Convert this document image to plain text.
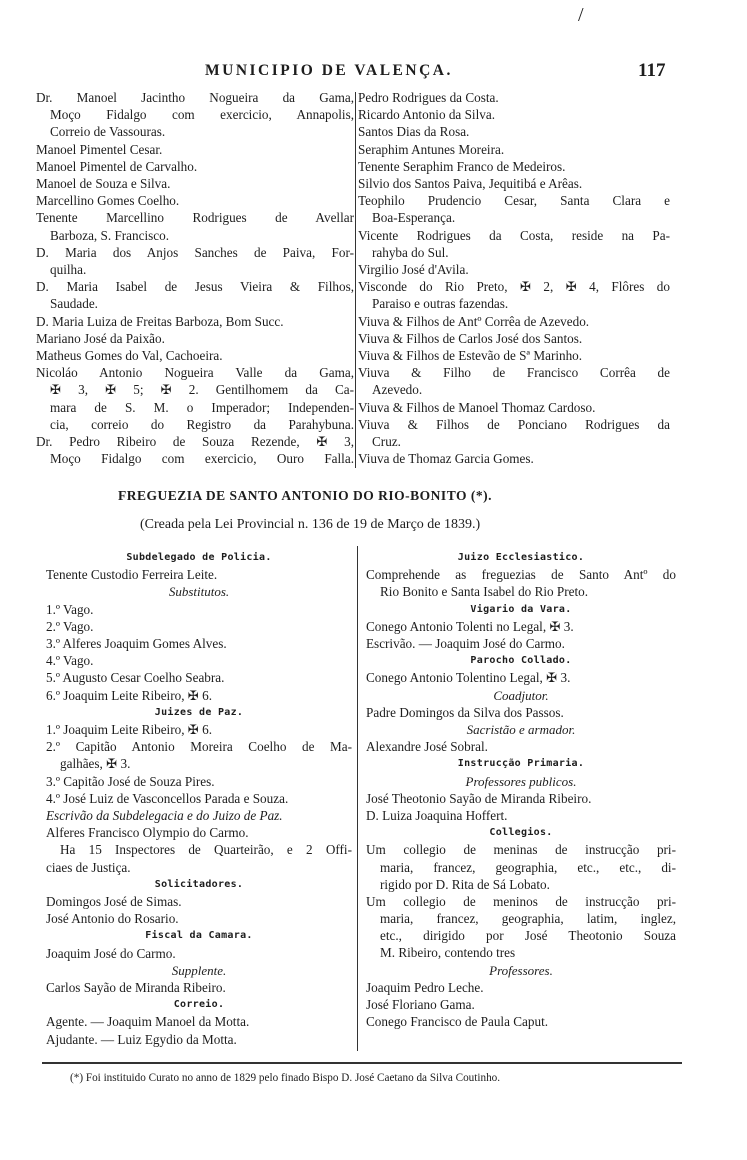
/
MUNICIPIO DE VALENÇA.	117
Dr. Manoel Jacintho Nogueira da Gama,
Moço Fidalgo com exercicio, Annapolis,
Correio de Vassouras.
Manoel Pimentel Cesar.
Manoel Pimentel de Carvalho.
Manoel de Souza e Silva.
Marcellino Gomes Coelho.
Tenente Marcellino Rodrigues de Avellar
Barboza, S. Francisco.
D. Maria dos Anjos Sanches de Paiva, For-
quilha.
D. Maria Isabel de Jesus Vieira & Filhos,
Saudade.
D. Maria Luiza de Freitas Barboza, Bom Succ.
Mariano José da Paixão.
Matheus Gomes do Val, Cachoeira.
Nicoláo Antonio Nogueira Valle da Gama,
✠ 3, ✠ 5; ✠ 2. Gentilhomem da Ca-
mara de S. M. o Imperador; Independen-
cia, correio do Registro da Parahybuna.
Dr. Pedro Ribeiro de Souza Rezende, ✠ 3,
Moço Fidalgo com exercicio, Ouro Falla.
Pedro Rodrigues da Costa.
Ricardo Antonio da Silva.
Santos Dias da Rosa.
Seraphim Antunes Moreira.
Tenente Seraphim Franco de Medeiros.
Silvio dos Santos Paiva, Jequitibá e Arêas.
Teophilo Prudencio Cesar, Santa Clara e
Boa-Esperança.
Vicente Rodrigues da Costa, reside na Pa-
rahyba do Sul.
Virgilio José d'Avila.
Visconde do Rio Preto, ✠ 2, ✠ 4, Flôres do
Paraiso e outras fazendas.
Viuva & Filhos de Antº Corrêa de Azevedo.
Viuva & Filhos de Carlos José dos Santos.
Viuva & Filhos de Estevão de Sª Marinho.
Viuva & Filho de Francisco Corrêa de
Azevedo.
Viuva & Filhos de Manoel Thomaz Cardoso.
Viuva & Filhos de Ponciano Rodrigues da
Cruz.
Viuva de Thomaz Garcia Gomes.
FREGUEZIA DE SANTO ANTONIO DO RIO-BONITO (*).
(Creada pela Lei Provincial n. 136 de 19 de Março de 1839.)
Subdelegado de Policia.
Tenente Custodio Ferreira Leite.
Substitutos.
1.º Vago.
2.º Vago.
3.º Alferes Joaquim Gomes Alves.
4.º Vago.
5.º Augusto Cesar Coelho Seabra.
6.º Joaquim Leite Ribeiro, ✠ 6.
Juizes de Paz.
1.º Joaquim Leite Ribeiro, ✠ 6.
2.º Capitão Antonio Moreira Coelho de Ma-
galhães, ✠ 3.
3.º Capitão José de Souza Pires.
4.º José Luiz de Vasconcellos Parada e Souza.
Escrivão da Subdelegacia e do Juizo de Paz.
Alferes Francisco Olympio do Carmo.
Ha 15 Inspectores de Quarteirão, e 2 Offi-
ciaes de Justiça.
Solicitadores.
Domingos José de Simas.
José Antonio do Rosario.
Fiscal da Camara.
Joaquim José do Carmo.
Supplente.
Carlos Sayão de Miranda Ribeiro.
Correio.
Agente. — Joaquim Manoel da Motta.
Ajudante. — Luiz Egydio da Motta.
Juizo Ecclesiastico.
Comprehende as freguezias de Santo Antº do
Rio Bonito e Santa Isabel do Rio Preto.
Vigario da Vara.
Conego Antonio Tolenti no Legal, ✠ 3.
Escrivão. — Joaquim José do Carmo.
Parocho Collado.
Conego Antonio Tolentino Legal, ✠ 3.
Coadjutor.
Padre Domingos da Silva dos Passos.
Sacristão e armador.
Alexandre José Sobral.
Instrucção Primaria.
Professores publicos.
José Theotonio Sayão de Miranda Ribeiro.
D. Luiza Joaquina Hoffert.
Collegios.
Um collegio de meninas de instrucção pri-
maria, francez, geographia, etc., etc., di-
rigido por D. Rita de Sá Lobato.
Um collegio de meninos de instrucção pri-
maria, francez, geographia, latim, inglez,
etc., dirigido por José Theotonio Souza
M. Ribeiro, contendo tres
Professores.
Joaquim Pedro Leche.
José Floriano Gama.
Conego Francisco de Paula Caput.
(*) Foi instituido Curato no anno de 1829 pelo finado Bispo D. José Caetano da Silva Coutinho.
